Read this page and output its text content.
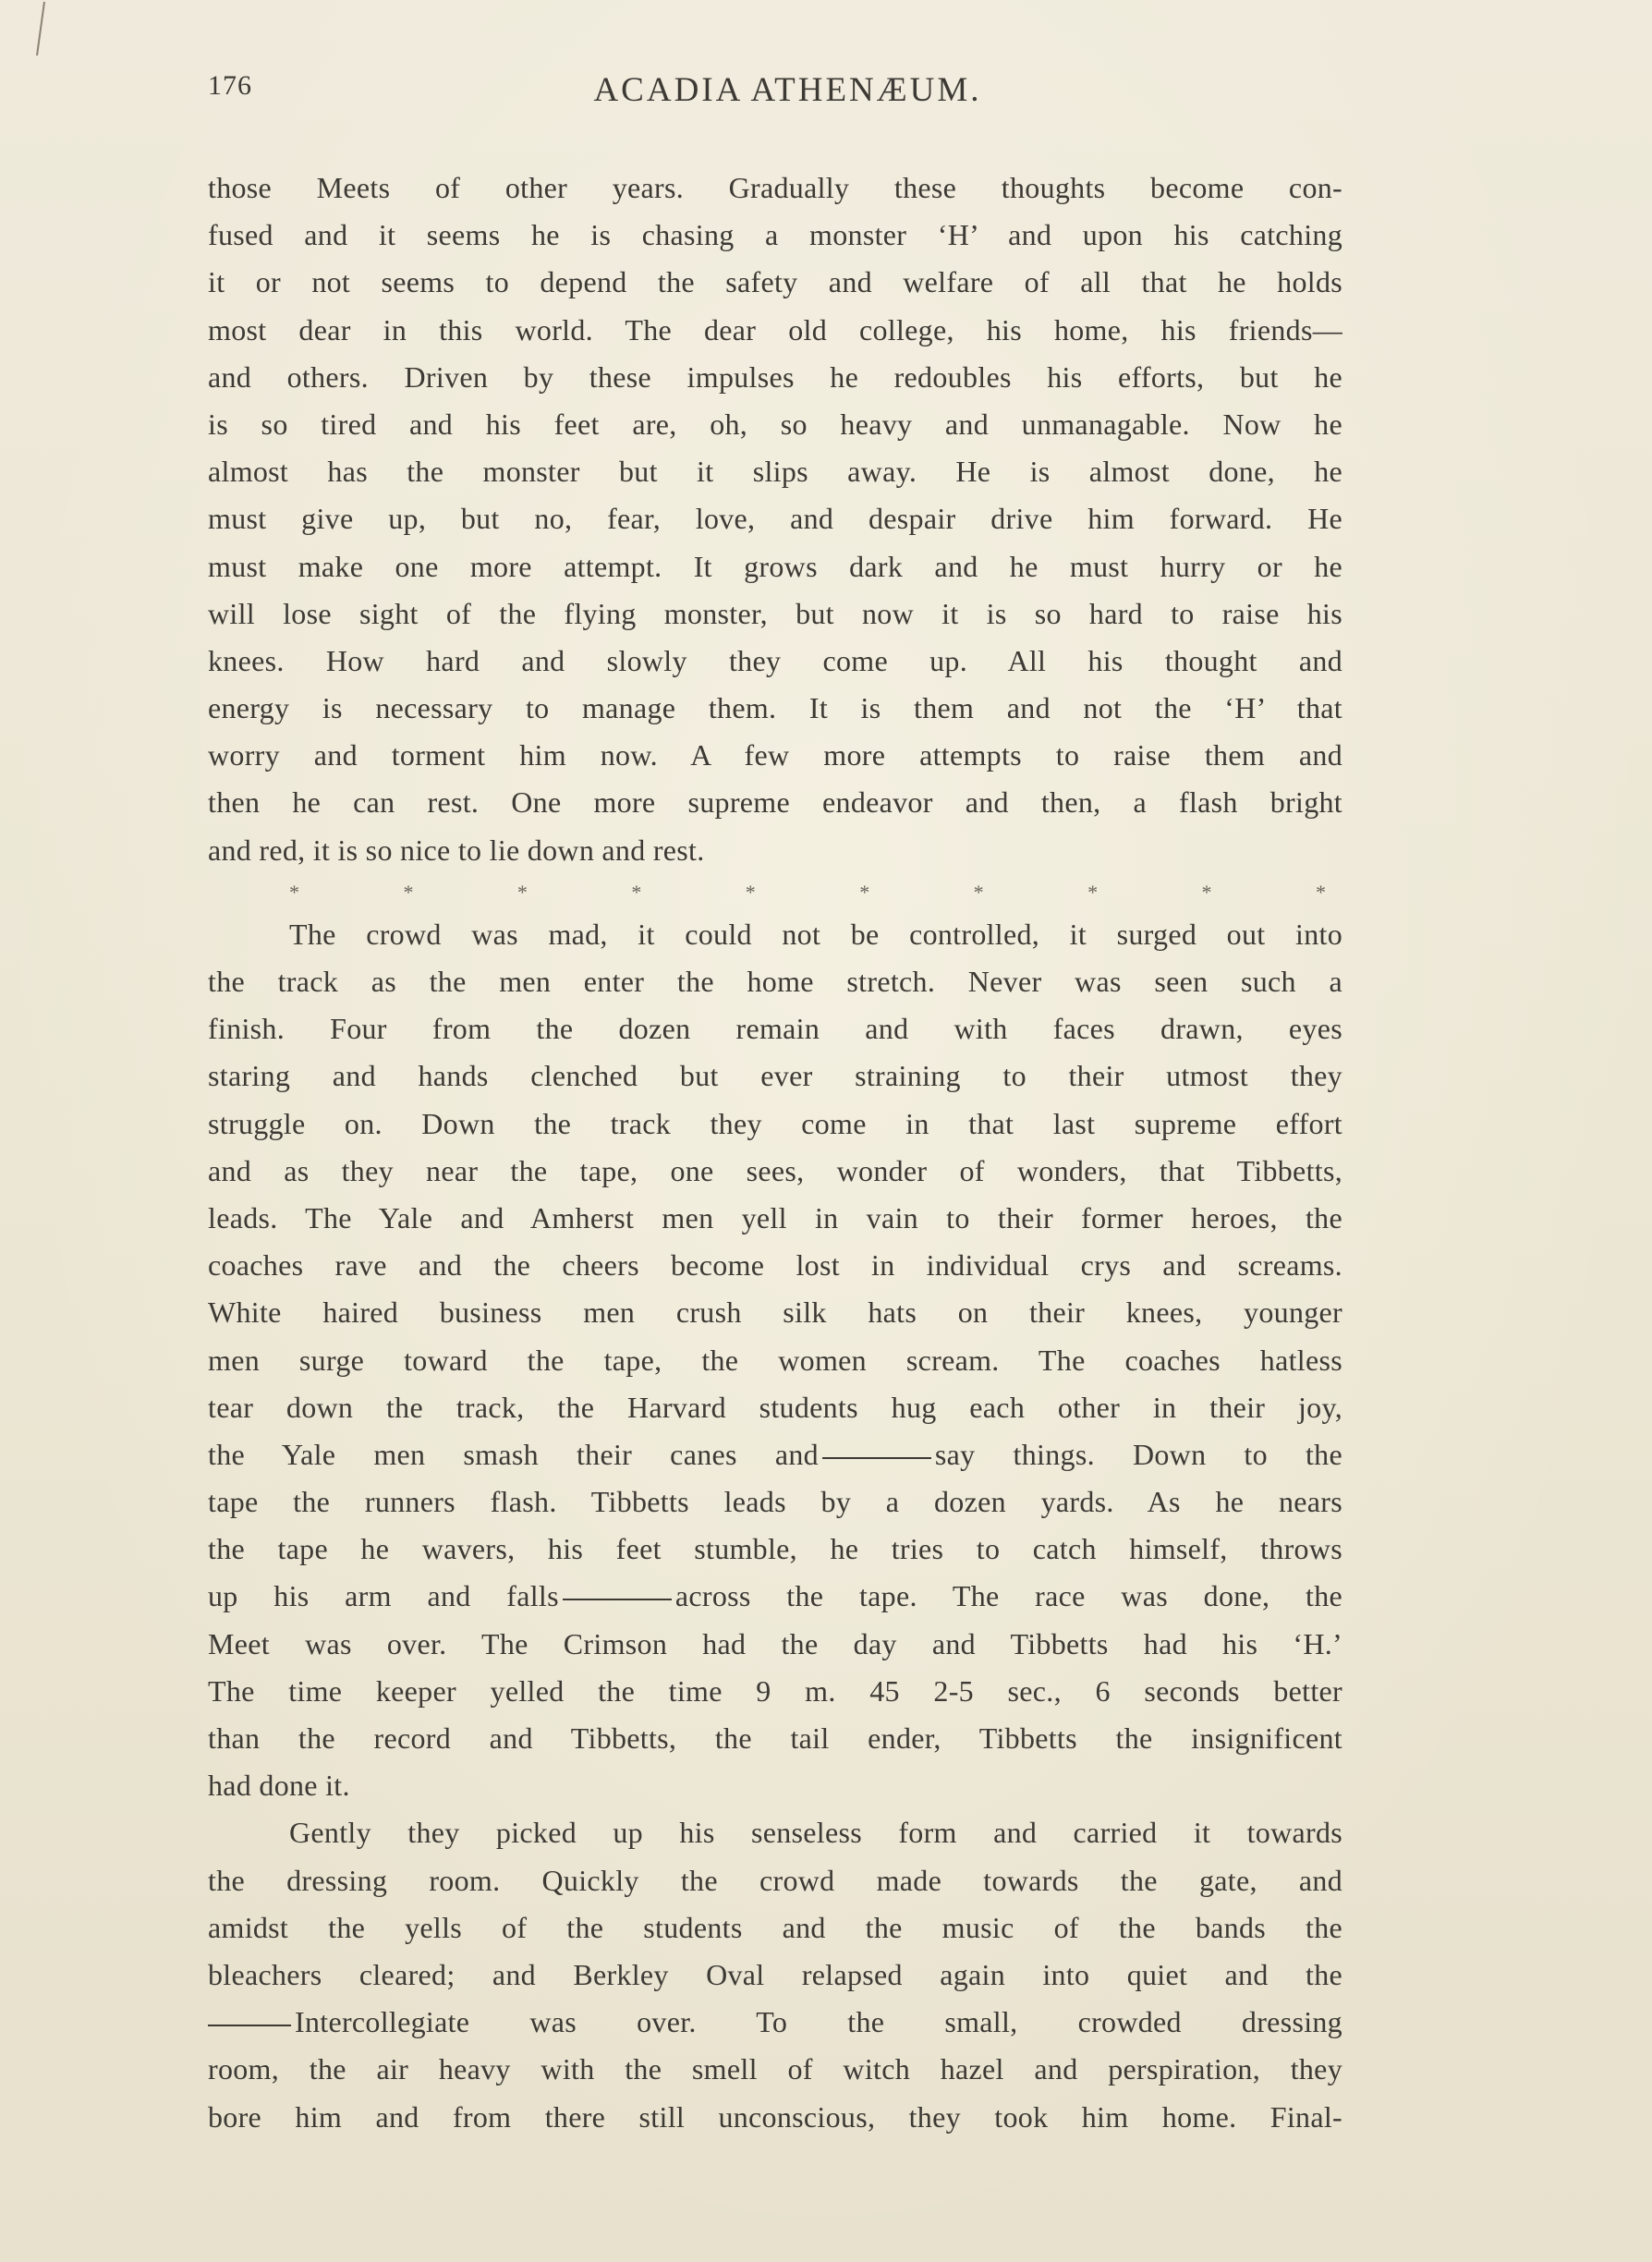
176	ACADIA ATHENÆUM.
those Meets of other years. Gradually these thoughts become con-
fused and it seems he is chasing a monster ‘H’ and upon his catching
it or not seems to depend the safety and welfare of all that he holds
most dear in this world. The dear old college, his home, his friends—
and others. Driven by these impulses he redoubles his efforts, but he
is so tired and his feet are, oh, so heavy and unmanagable. Now he
almost has the monster but it slips away. He is almost done, he
must give up, but no, fear, love, and despair drive him forward. He
must make one more attempt. It grows dark and he must hurry or he
will lose sight of the flying monster, but now it is so hard to raise his
knees. How hard and slowly they come up. All his thought and
energy is necessary to manage them. It is them and not the ‘H’ that
worry and torment him now. A few more attempts to raise them and
then he can rest. One more supreme endeavor and then, a flash bright
and red, it is so nice to lie down and rest.
*	*	*	*	*	*	*	*	*	*
The crowd was mad, it could not be controlled, it surged out into
the track as the men enter the home stretch. Never was seen such a
finish. Four from the dozen remain and with faces drawn, eyes
staring and hands clenched but ever straining to their utmost they
struggle on. Down the track they come in that last supreme effort
and as they near the tape, one sees, wonder of wonders, that Tibbetts,
leads. The Yale and Amherst men yell in vain to their former heroes, the
coaches rave and the cheers become lost in individual crys and screams.
White haired business men crush silk hats on their knees, younger
men surge toward the tape, the women scream. The coaches hatless
tear down the track, the Harvard students hug each other in their joy,
the Yale men smash their canes and	say things. Down to the
tape the runners flash. Tibbetts leads by a dozen yards. As he nears
the tape he wavers, his feet stumble, he tries to catch himself, throws
up his arm and falls	across the tape. The race was done, the
Meet was over. The Crimson had the day and Tibbetts had his ‘H.’
The time keeper yelled the time 9 m. 45 2-5 sec., 6 seconds better
than the record and Tibbetts, the tail ender, Tibbetts the insignificent
had done it.
Gently they picked up his senseless form and carried it towards
the dressing room. Quickly the crowd made towards the gate, and
amidst the yells of the students and the music of the bands the
bleachers cleared; and Berkley Oval relapsed again into quiet and the
Intercollegiate was over. To the small, crowded dressing
room, the air heavy with the smell of witch hazel and perspiration, they
bore him and from there still unconscious, they took him home. Final-
